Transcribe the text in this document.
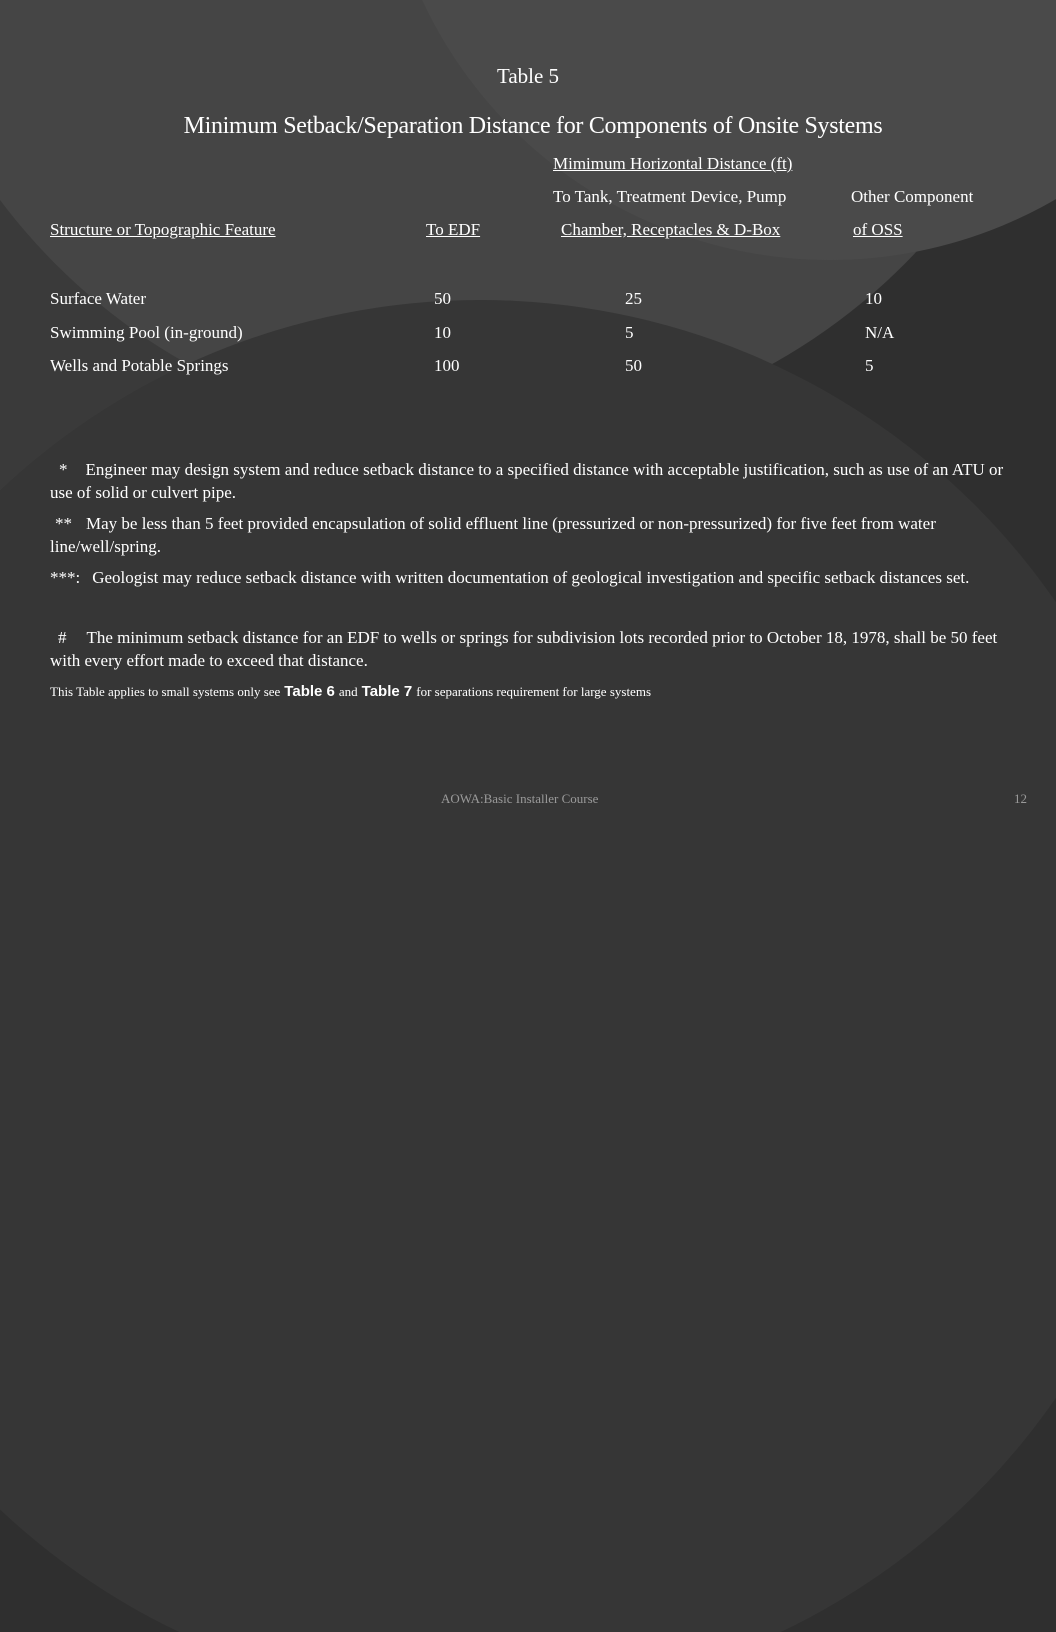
Table 5
Minimum Setback/Separation Distance for Components of Onsite Systems
Mimimum Horizontal Distance (ft)
To Tank, Treatment Device, Pump	Other Component
Structure or Topographic Feature	To EDF	Chamber, Receptacles & D-Box	of OSS
Surface Water	50	25	10
Swimming Pool (in-ground)	10	5	N/A
Wells and Potable Springs	100	50	5
* Engineer may design system and reduce setback distance to a specified distance with acceptable justification, such as use of an ATU or use of solid or culvert pipe.
** May be less than 5 feet provided encapsulation of solid effluent line (pressurized or non-pressurized) for five feet from water line/well/spring.
***: Geologist may reduce setback distance with written documentation of geological investigation and specific setback distances set.
# The minimum setback distance for an EDF to wells or springs for subdivision lots recorded prior to October 18, 1978, shall be 50 feet with every effort made to exceed that distance.
This Table applies to small systems only see Table 6 and Table 7 for separations requirement for large systems
AOWA:Basic Installer Course	12
